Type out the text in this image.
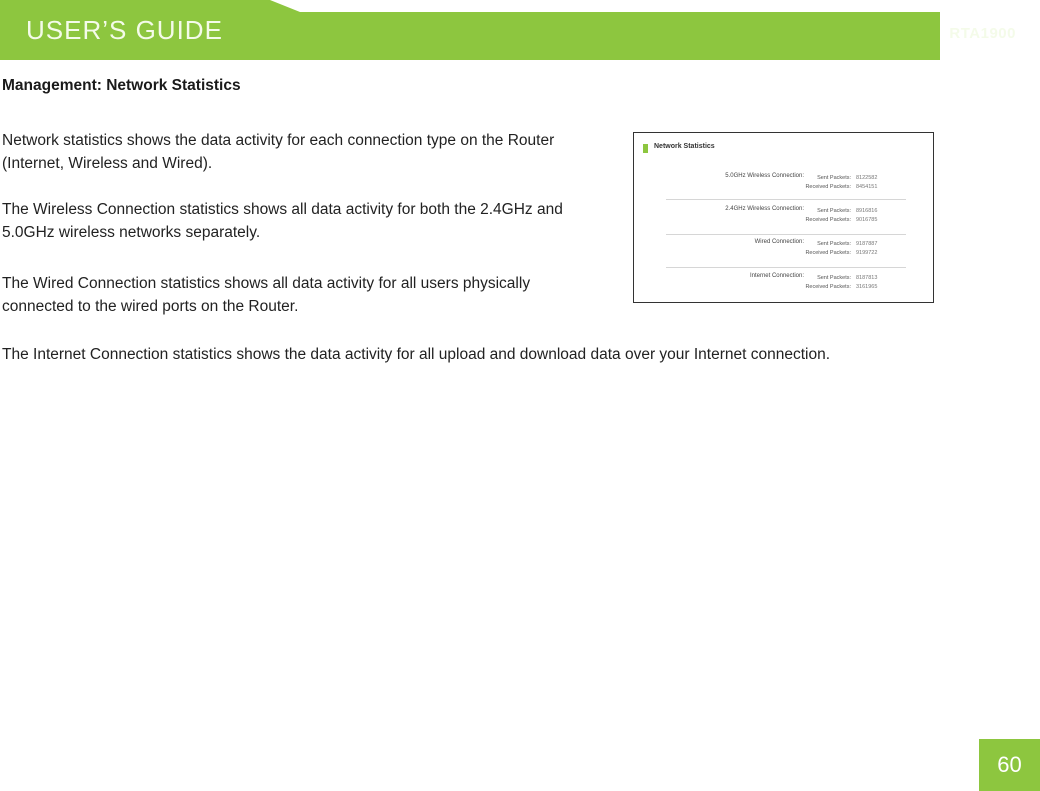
USER’S GUIDE	RTA1900
Management: Network Statistics

Network statistics shows the data activity for each connection type on the Router (Internet, Wireless and Wired).

The Wireless Connection statistics shows all data activity for both the 2.4GHz and 5.0GHz wireless networks separately.

The Wired Connection statistics shows all data activity for all users physically connected to the wired ports on the Router.

The Internet Connection statistics shows the data activity for all upload and download data over your Internet connection.

Network Statistics
5.0GHz Wireless Connection: Sent Packets: 8122582
Received Packets: 8454151
2.4GHz Wireless Connection: Sent Packets: 8916816
Received Packets: 9016785
Wired Connection: Sent Packets: 9187887
Received Packets: 9199722
Internet Connection: Sent Packets: 8187813
Received Packets: 3161965
60
